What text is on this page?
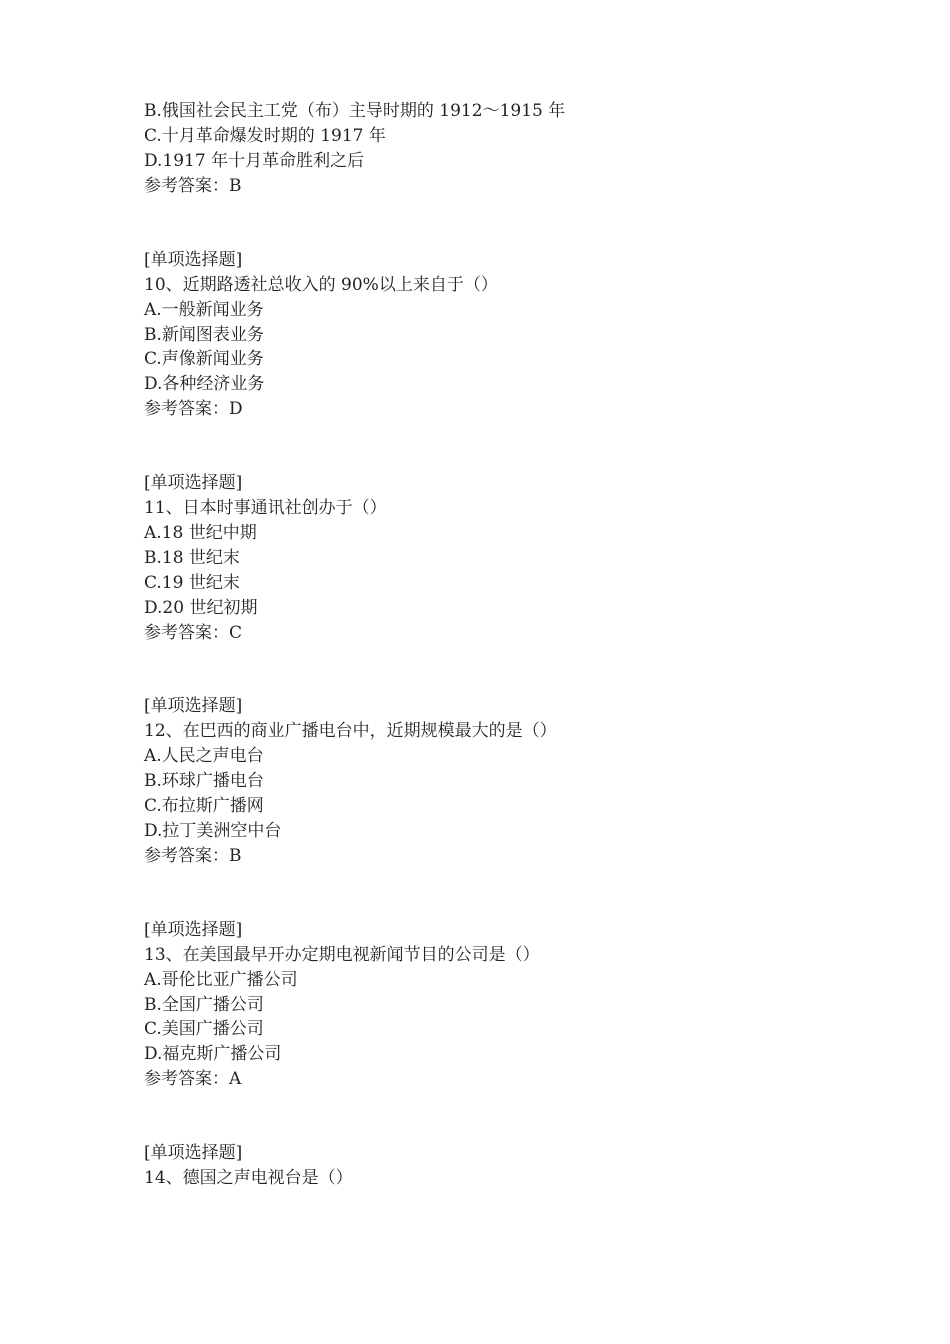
B.俄国社会民主工党（布）主导时期的 1912～1915 年
C.十月革命爆发时期的 1917 年
D.1917 年十月革命胜利之后
参考答案：B
[单项选择题]
10、近期路透社总收入的 90%以上来自于（）
A.一般新闻业务
B.新闻图表业务
C.声像新闻业务
D.各种经济业务
参考答案：D
[单项选择题]
11、日本时事通讯社创办于（）
A.18 世纪中期
B.18 世纪末
C.19 世纪末
D.20 世纪初期
参考答案：C
[单项选择题]
12、在巴西的商业广播电台中，近期规模最大的是（）
A.人民之声电台
B.环球广播电台
C.布拉斯广播网
D.拉丁美洲空中台
参考答案：B
[单项选择题]
13、在美国最早开办定期电视新闻节目的公司是（）
A.哥伦比亚广播公司
B.全国广播公司
C.美国广播公司
D.福克斯广播公司
参考答案：A
[单项选择题]
14、德国之声电视台是（）
